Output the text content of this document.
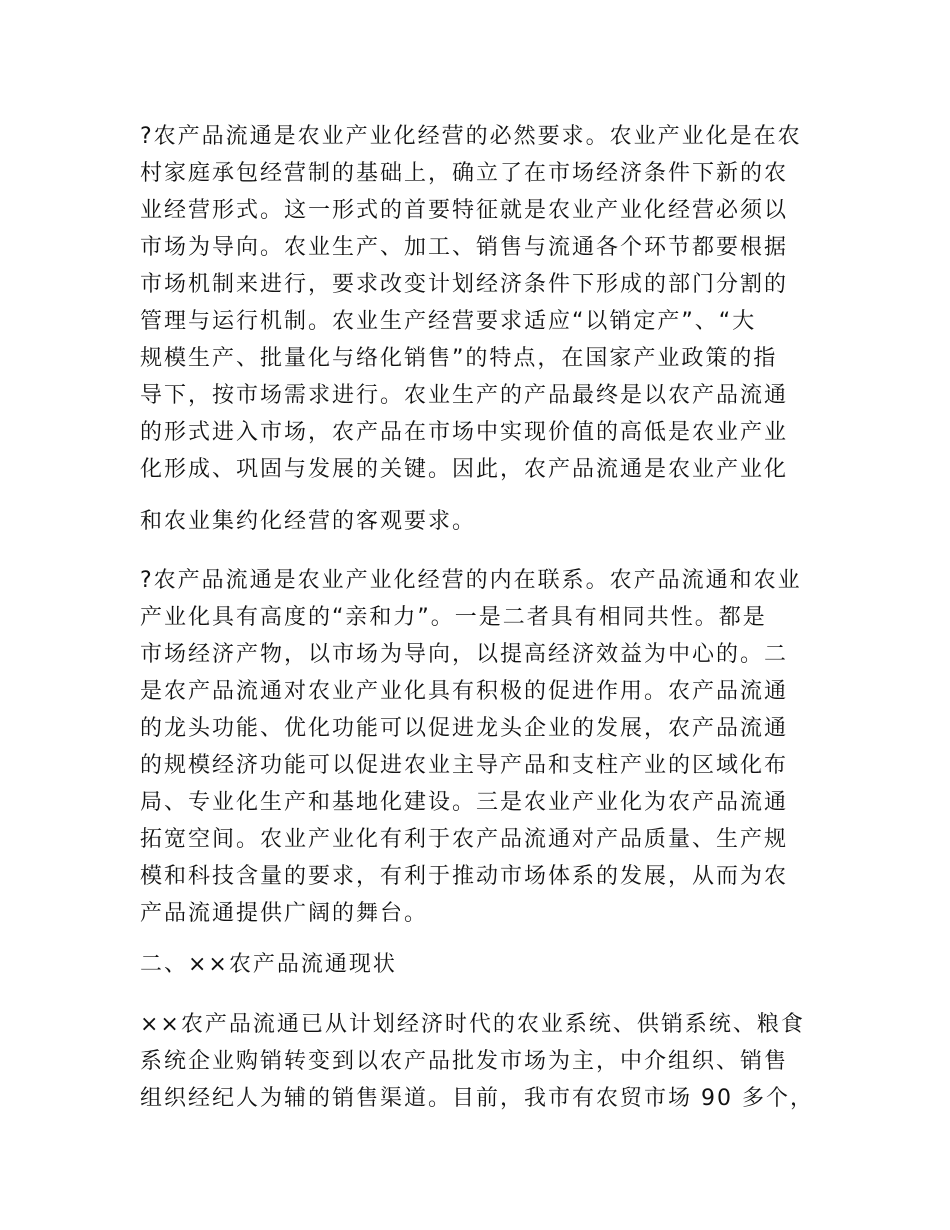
?农产品流通是农业产业化经营的必然要求。农业产业化是在农
村家庭承包经营制的基础上，确立了在市场经济条件下新的农
业经营形式。这一形式的首要特征就是农业产业化经营必须以
市场为导向。农业生产、加工、销售与流通各个环节都要根据
市场机制来进行，要求改变计划经济条件下形成的部门分割的
管理与运行机制。农业生产经营要求适应“以销定产”、“大
规模生产、批量化与络化销售”的特点，在国家产业政策的指
导下，按市场需求进行。农业生产的产品最终是以农产品流通
的形式进入市场，农产品在市场中实现价值的高低是农业产业
化形成、巩固与发展的关键。因此，农产品流通是农业产业化
和农业集约化经营的客观要求。
?农产品流通是农业产业化经营的内在联系。农产品流通和农业
产业化具有高度的“亲和力”。一是二者具有相同共性。都是
市场经济产物，以市场为导向，以提高经济效益为中心的。二
是农产品流通对农业产业化具有积极的促进作用。农产品流通
的龙头功能、优化功能可以促进龙头企业的发展，农产品流通
的规模经济功能可以促进农业主导产品和支柱产业的区域化布
局、专业化生产和基地化建设。三是农业产业化为农产品流通
拓宽空间。农业产业化有利于农产品流通对产品质量、生产规
模和科技含量的要求，有利于推动市场体系的发展，从而为农
产品流通提供广阔的舞台。
二、××农产品流通现状
××农产品流通已从计划经济时代的农业系统、供销系统、粮食
系统企业购销转变到以农产品批发市场为主，中介组织、销售
组织经纪人为辅的销售渠道。目前，我市有农贸市场 90 多个，
